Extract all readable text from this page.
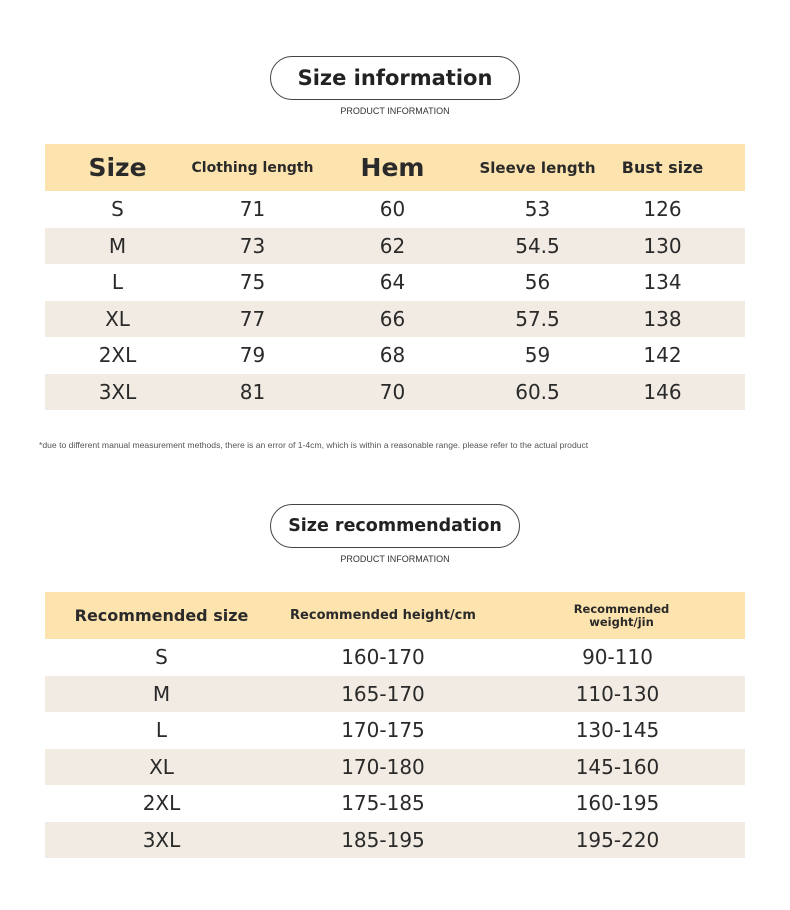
Size information
PRODUCT INFORMATION
Size	Clothing length	Hem	Sleeve length	Bust size
S	71	60	53	126
M	73	62	54.5	130
L	75	64	56	134
XL	77	66	57.5	138
2XL	79	68	59	142
3XL	81	70	60.5	146
*due to different manual measurement methods, there is an error of 1-4cm, which is within a reasonable range. please refer to the actual product
Size recommendation
PRODUCT INFORMATION
Recommended size	Recommended height/cm	Recommended
weight/jin
S	160-170	90-110
M	165-170	110-130
L	170-175	130-145
XL	170-180	145-160
2XL	175-185	160-195
3XL	185-195	195-220
